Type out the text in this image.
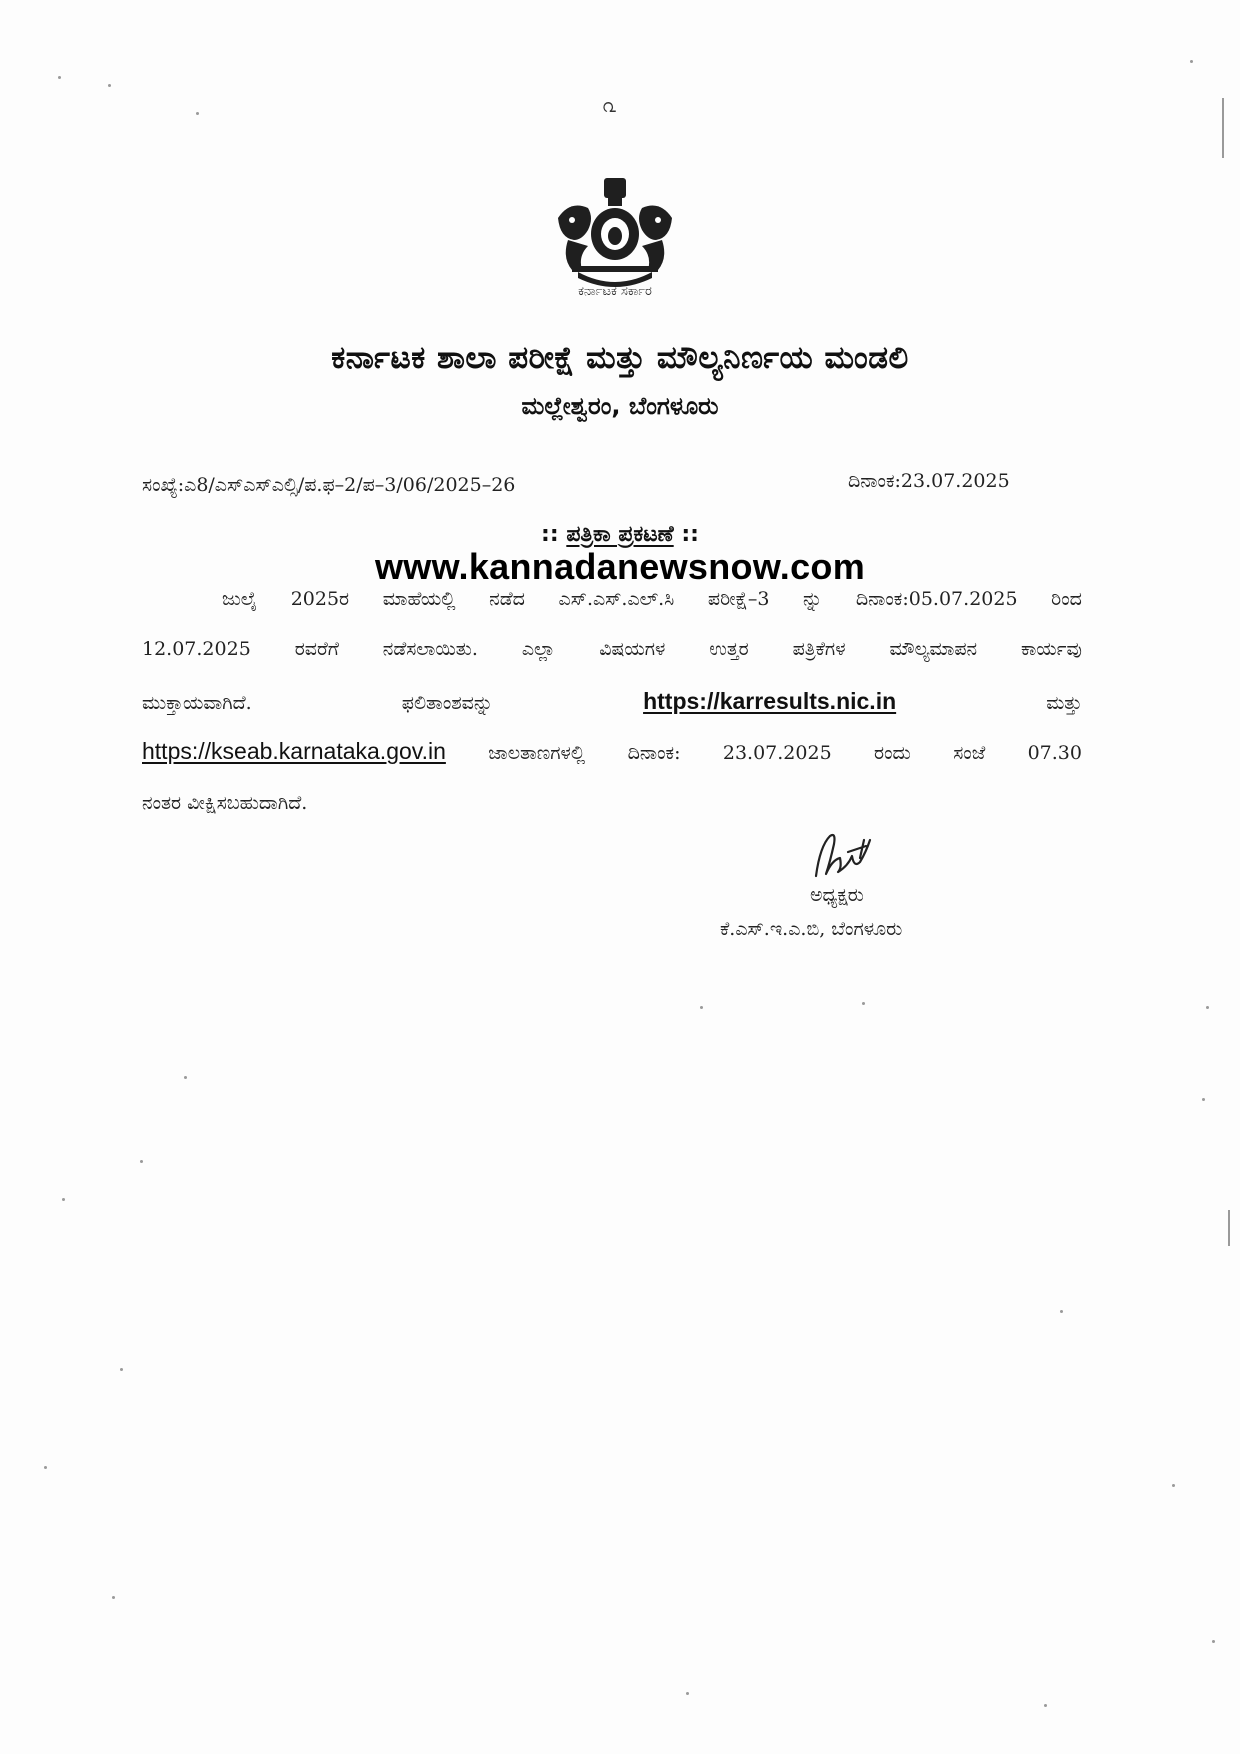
൨
ಕರ್ನಾಟಕ ಸರ್ಕಾರ
ಕರ್ನಾಟಕ ಶಾಲಾ ಪರೀಕ್ಷೆ ಮತ್ತು ಮೌಲ್ಯನಿರ್ಣಯ ಮಂಡಲಿ
ಮಲ್ಲೇಶ್ವರಂ, ಬೆಂಗಳೂರು
ಸಂಖ್ಯೆ:ಎ8/ಎಸ್ಎಸ್ಎಲ್ಸಿ/ಪ.ಫ–2/ಪ–3/06/2025–26	ದಿನಾಂಕ:23.07.2025
:: ಪತ್ರಿಕಾ ಪ್ರಕಟಣೆ ::
www.kannadanewsnow.com
ಜುಲೈ 2025ರ ಮಾಹೆಯಲ್ಲಿ ನಡೆದ ಎಸ್.ಎಸ್.ಎಲ್.ಸಿ ಪರೀಕ್ಷೆ–3 ನ್ನು ದಿನಾಂಕ:05.07.2025 ರಿಂದ
12.07.2025 ರವರೆಗೆ ನಡೆಸಲಾಯಿತು. ಎಲ್ಲಾ ವಿಷಯಗಳ ಉತ್ತರ ಪತ್ರಿಕೆಗಳ ಮೌಲ್ಯಮಾಪನ ಕಾರ್ಯವು
ಮುಕ್ತಾಯವಾಗಿದೆ.	ಫಲಿತಾಂಶವನ್ನು	https://karresults.nic.in	ಮತ್ತು
https://kseab.karnataka.gov.in ಜಾಲತಾಣಗಳಲ್ಲಿ ದಿನಾಂಕ: 23.07.2025 ರಂದು ಸಂಜೆ 07.30
ನಂತರ ವೀಕ್ಷಿಸಬಹುದಾಗಿದೆ.
ಅಧ್ಯಕ್ಷರು
ಕೆ.ಎಸ್.ಇ.ಎ.ಬಿ, ಬೆಂಗಳೂರು
